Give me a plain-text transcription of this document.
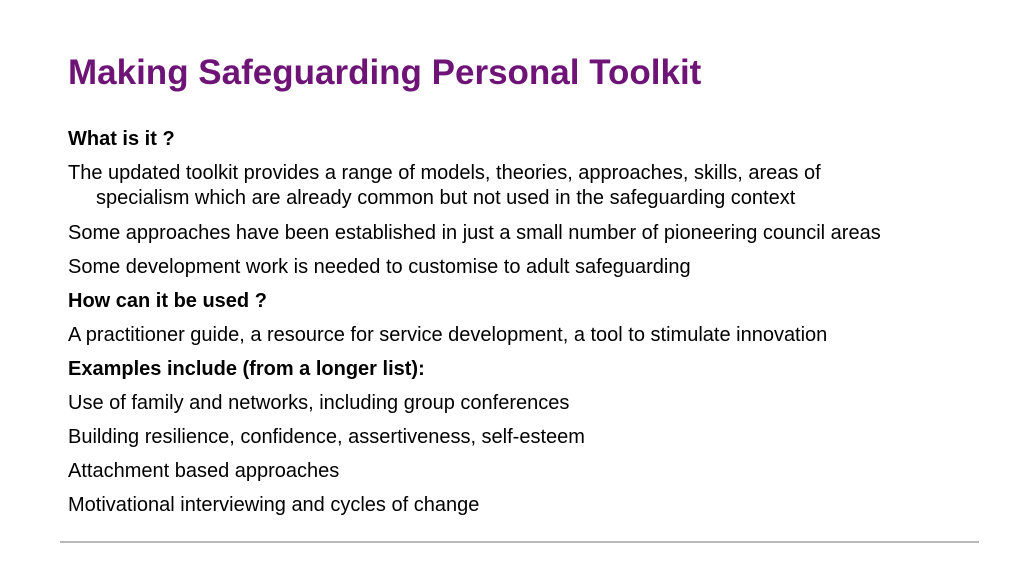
Making Safeguarding Personal Toolkit

What is it ?

The updated toolkit provides a range of models, theories, approaches, skills, areas of specialism which are already common but not used in the safeguarding context

Some approaches have been established in just a small number of pioneering council areas

Some development work is needed to customise to adult safeguarding

How can it be used ?

A practitioner guide, a resource for service development, a tool to stimulate innovation

Examples include (from a longer list):

Use of family and networks, including group conferences

Building resilience, confidence, assertiveness, self-esteem

Attachment based approaches

Motivational interviewing and cycles of change
